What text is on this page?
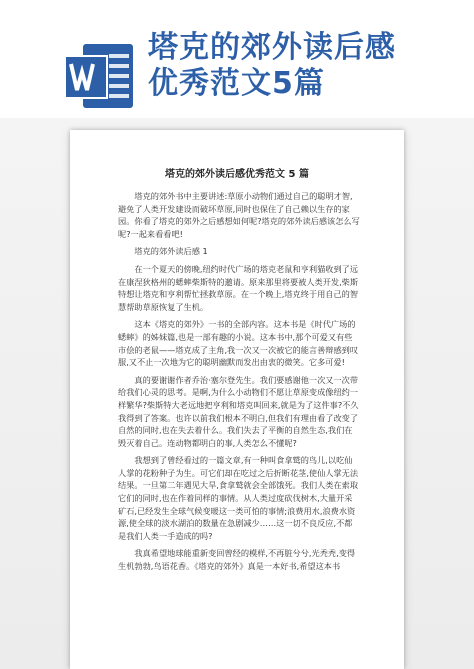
塔克的郊外读后感
优秀范文5篇
塔克的郊外读后感优秀范文 5 篇

塔克的郊外书中主要讲述:草原小动物们通过自己的聪明才智,避免了人类开发建设而破坏草原,同时也保住了自己赖以生存的家园。你看了塔克的郊外之后感想如何呢?塔克的郊外读后感该怎么写呢?一起来看看吧!

塔克的郊外读后感 1

在一个夏天的傍晚,纽约时代广场的塔克老鼠和亨利猫收到了远在康涅狄格州的蟋蟀柴斯特的邀请。原来那里将要被人类开发,柴斯特想让塔克和亨利帮忙拯救草原。在一个晚上,塔克终于用自己的智慧帮助草原恢复了生机。

这本《塔克的郊外》一书的全部内容。这本书是《时代广场的蟋蟀》的姊妹篇,也是一部有趣的小说。这本书中,那个可爱又有些市侩的老鼠——塔克成了主角,我一次又一次被它的能言善辩感到叹服,又不止一次地为它的聪明幽默而发出由衷的微笑。它多可爱!

真的要谢谢作者乔治·塞尔登先生。我们要感谢他一次又一次带给我们心灵的思考。是啊,为什么小动物们不愿让草原变成像纽约一样繁华?柴斯特大老远地把亨利和塔克叫回来,就是为了这件事?不久我得到了答案。也许以前我们根本不明白,但我们有理由看了改变了自然的同时,也在失去着什么。我们失去了平衡的自然生态,我们在毁灭着自己。连动物都明白的事,人类怎么不懂呢?

我想到了曾经看过的一篇文章,有一种叫食拿鹫的鸟儿,以吃仙人掌的花粉种子为生。可它们却在吃过之后折断花茎,使仙人掌无法结果。一旦第二年遇见大旱,食拿鹫就会全部饿死。我们人类在索取它们的同时,也在作着同样的事情。从人类过度砍伐树木,大量开采矿石,已经发生全球气候变暖这一类可怕的事情;浪费用水,浪费水资源,使全球的淡水湖泊的数量在急剧减少……这一切不良反应,不都是我们人类一手造成的吗?

我真希望地球能重新变回曾经的模样,不再脏兮兮,光秃秃,变得生机勃勃,鸟语花香。《塔克的郊外》真是一本好书,希望这本书
